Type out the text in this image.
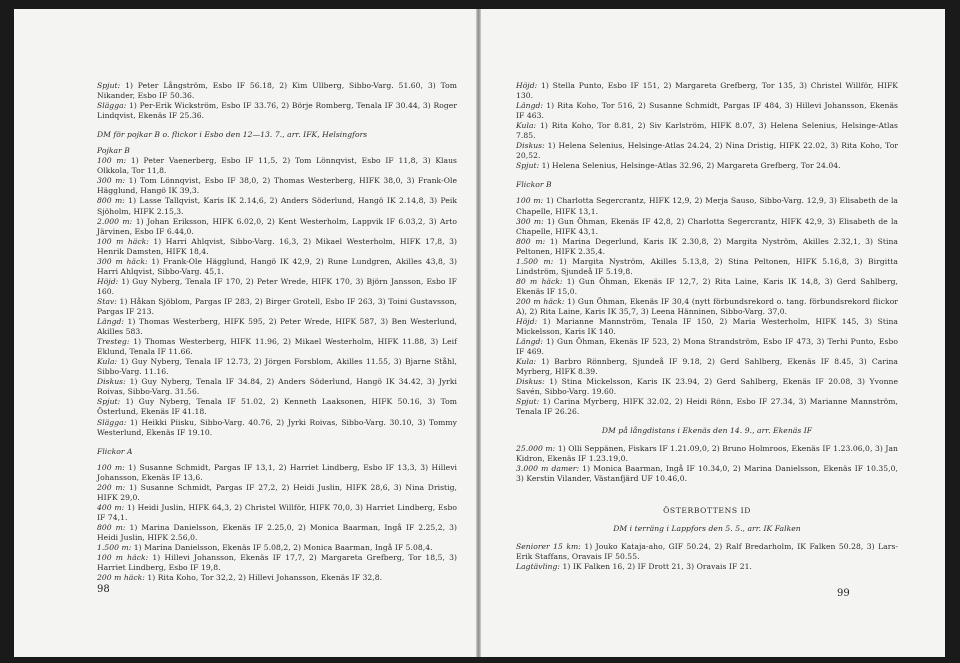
Spjut: 1) Peter Långström, Esbo IF 56.18, 2) Kim Ullberg, Sibbo-Varg. 51.60, 3) Tom Nikander, Esbo IF 50.36.

Slägga: 1) Per-Erik Wickström, Esbo IF 33.76, 2) Börje Romberg, Tenala IF 30.44, 3) Roger Lindqvist, Ekenäs IF 25.36.

DM för pojkar B o. flickor i Esbo den 12—13. 7., arr. IFK, Helsingfors

Pojkar B

100 m: 1) Peter Vaenerberg, Esbo IF 11,5, 2) Tom Lönnqvist, Esbo IF 11,8, 3) Klaus Olkkola, Tor 11,8.

300 m: 1) Tom Lönnqvist, Esbo IF 38,0, 2) Thomas Westerberg, HIFK 38,0, 3) Frank-Ole Hägglund, Hangö IK 39,3.

800 m: 1) Lasse Tallqvist, Karis IK 2.14,6, 2) Anders Söderlund, Hangö IK 2.14,8, 3) Peik Sjöholm, HIFK 2.15,3.

2.000 m: 1) Johan Eriksson, HIFK 6.02,0, 2) Kent Westerholm, Lappvik IF 6.03,2, 3) Arto Järvinen, Esbo IF 6.44,0.

100 m häck: 1) Harri Ahlqvist, Sibbo-Varg. 16,3, 2) Mikael Westerholm, HIFK 17,8, 3) Henrik Damsten, HIFK 18,4.

300 m häck: 1) Frank-Ole Hägglund, Hangö IK 42,9, 2) Rune Lundgren, Akilles 43,8, 3) Harri Ahlqvist, Sibbo-Varg. 45,1.

Höjd: 1) Guy Nyberg, Tenala IF 170, 2) Peter Wrede, HIFK 170, 3) Björn Jansson, Esbo IF 160.

Stav: 1) Håkan Sjöblom, Pargas IF 283, 2) Birger Grotell, Esbo IF 263, 3) Toini Gustavsson, Pargas IF 213.

Längd: 1) Thomas Westerberg, HIFK 595, 2) Peter Wrede, HIFK 587, 3) Ben Westerlund, Akilles 583.

Tresteg: 1) Thomas Westerberg, HIFK 11.96, 2) Mikael Westerholm, HIFK 11.88, 3) Leif Eklund, Tenala IF 11.66.

Kula: 1) Guy Nyberg, Tenala IF 12.73, 2) Jörgen Forsblom, Akilles 11.55, 3) Bjarne Ståhl, Sibbo-Varg. 11.16.

Diskus: 1) Guy Nyberg, Tenala IF 34.84, 2) Anders Söderlund, Hangö IK 34.42, 3) Jyrki Roivas, Sibbo-Varg. 31.56.

Spjut: 1) Guy Nyberg, Tenala IF 51.02, 2) Kenneth Laaksonen, HIFK 50.16, 3) Tom Österlund, Ekenäs IF 41.18.

Slägga: 1) Heikki Piisku, Sibbo-Varg. 40.76, 2) Jyrki Roivas, Sibbo-Varg. 30.10, 3) Tommy Westerlund, Ekenäs IF 19.10.

Flickor A

100 m: 1) Susanne Schmidt, Pargas IF 13,1, 2) Harriet Lindberg, Esbo IF 13,3, 3) Hillevi Johansson, Ekenäs IF 13,6.

200 m: 1) Susanne Schmidt, Pargas IF 27,2, 2) Heidi Juslin, HIFK 28,6, 3) Nina Dristig, HIFK 29,0.

400 m: 1) Heidi Juslin, HIFK 64,3, 2) Christel Willför, HIFK 70,0, 3) Harriet Lindberg, Esbo IF 74,1.

800 m: 1) Marina Danielsson, Ekenäs IF 2.25,0, 2) Monica Baarman, Ingå IF 2.25,2, 3) Heidi Juslin, HIFK 2.56,0.

1.500 m: 1) Marina Danielsson, Ekenäs IF 5.08,2, 2) Monica Baarman, Ingå IF 5.08,4.

100 m häck: 1) Hillevi Johansson, Ekenäs IF 17,7, 2) Margareta Grefberg, Tor 18,5, 3) Harriet Lindberg, Esbo IF 19,8.

200 m häck: 1) Rita Koho, Tor 32,2, 2) Hillevi Johansson, Ekenäs IF 32,8.

98

Höjd: 1) Stella Punto, Esbo IF 151, 2) Margareta Grefberg, Tor 135, 3) Christel Willför, HIFK 130.

Längd: 1) Rita Koho, Tor 516, 2) Susanne Schmidt, Pargas IF 484, 3) Hillevi Johansson, Ekenäs IF 463.

Kula: 1) Rita Koho, Tor 8.81, 2) Siv Karlström, HIFK 8.07, 3) Helena Selenius, Helsinge-Atlas 7.85.

Diskus: 1) Helena Selenius, Helsinge-Atlas 24.24, 2) Nina Dristig, HIFK 22.02, 3) Rita Koho, Tor 20,52.

Spjut: 1) Helena Selenius, Helsinge-Atlas 32.96, 2) Margareta Grefberg, Tor 24.04.

Flickor B

100 m: 1) Charlotta Segercrantz, HIFK 12,9, 2) Merja Sauso, Sibbo-Varg. 12,9, 3) Elisabeth de la Chapelle, HIFK 13,1.

300 m: 1) Gun Öhman, Ekenäs IF 42,8, 2) Charlotta Segercrantz, HIFK 42,9, 3) Elisabeth de la Chapelle, HIFK 43,1.

800 m: 1) Marina Degerlund, Karis IK 2.30,8, 2) Margita Nyström, Akilles 2.32,1, 3) Stina Peltonen, HIFK 2.35,4.

1.500 m: 1) Margita Nyström, Akilles 5.13,8, 2) Stina Peltonen, HIFK 5.16,8, 3) Birgitta Lindström, Sjundeå IF 5.19,8.

80 m häck: 1) Gun Öhman, Ekenäs IF 12,7, 2) Rita Laine, Karis IK 14,8, 3) Gerd Sahlberg, Ekenäs IF 15,0.

200 m häck: 1) Gun Öhman, Ekenäs IF 30,4 (nytt förbundsrekord o. tang. förbundsrekord flickor A), 2) Rita Laine, Karis IK 35,7, 3) Leena Hänninen, Sibbo-Varg. 37,0.

Höjd: 1) Marianne Mannström, Tenala IF 150, 2) Maria Westerholm, HIFK 145, 3) Stina Mickelsson, Karis IK 140.

Längd: 1) Gun Öhman, Ekenäs IF 523, 2) Mona Strandström, Esbo IF 473, 3) Terhi Punto, Esbo IF 469.

Kula: 1) Barbro Rönnberg, Sjundeå IF 9.18, 2) Gerd Sahlberg, Ekenäs IF 8.45, 3) Carina Myrberg, HIFK 8.39.

Diskus: 1) Stina Mickelsson, Karis IK 23.94, 2) Gerd Sahlberg, Ekenäs IF 20.08, 3) Yvonne Savén, Sibbo-Varg. 19.60.

Spjut: 1) Carina Myrberg, HIFK 32.02, 2) Heidi Rönn, Esbo IF 27.34, 3) Marianne Mannström, Tenala IF 26.26.

DM på långdistans i Ekenäs den 14. 9., arr. Ekenäs IF

25.000 m: 1) Olli Seppänen, Fiskars IF 1.21.09,0, 2) Bruno Holmroos, Ekenäs IF 1.23.06,0, 3) Jan Kidron, Ekenäs IF 1.23.19,0.

3.000 m damer: 1) Monica Baarman, Ingå IF 10.34,0, 2) Marina Danielsson, Ekenäs IF 10.35,0, 3) Kerstin Vilander, Västanfjärd UF 10.46,0.

ÖSTERBOTTENS ID

DM i terräng i Lappfors den 5. 5., arr. IK Falken

Seniorer 15 km: 1) Jouko Kataja-aho, GIF 50.24, 2) Ralf Bredarholm, IK Falken 50.28, 3) Lars-Erik Staffans, Oravais IF 50.55.

Lagtävling: 1) IK Falken 16, 2) IF Drott 21, 3) Oravais IF 21.

99
